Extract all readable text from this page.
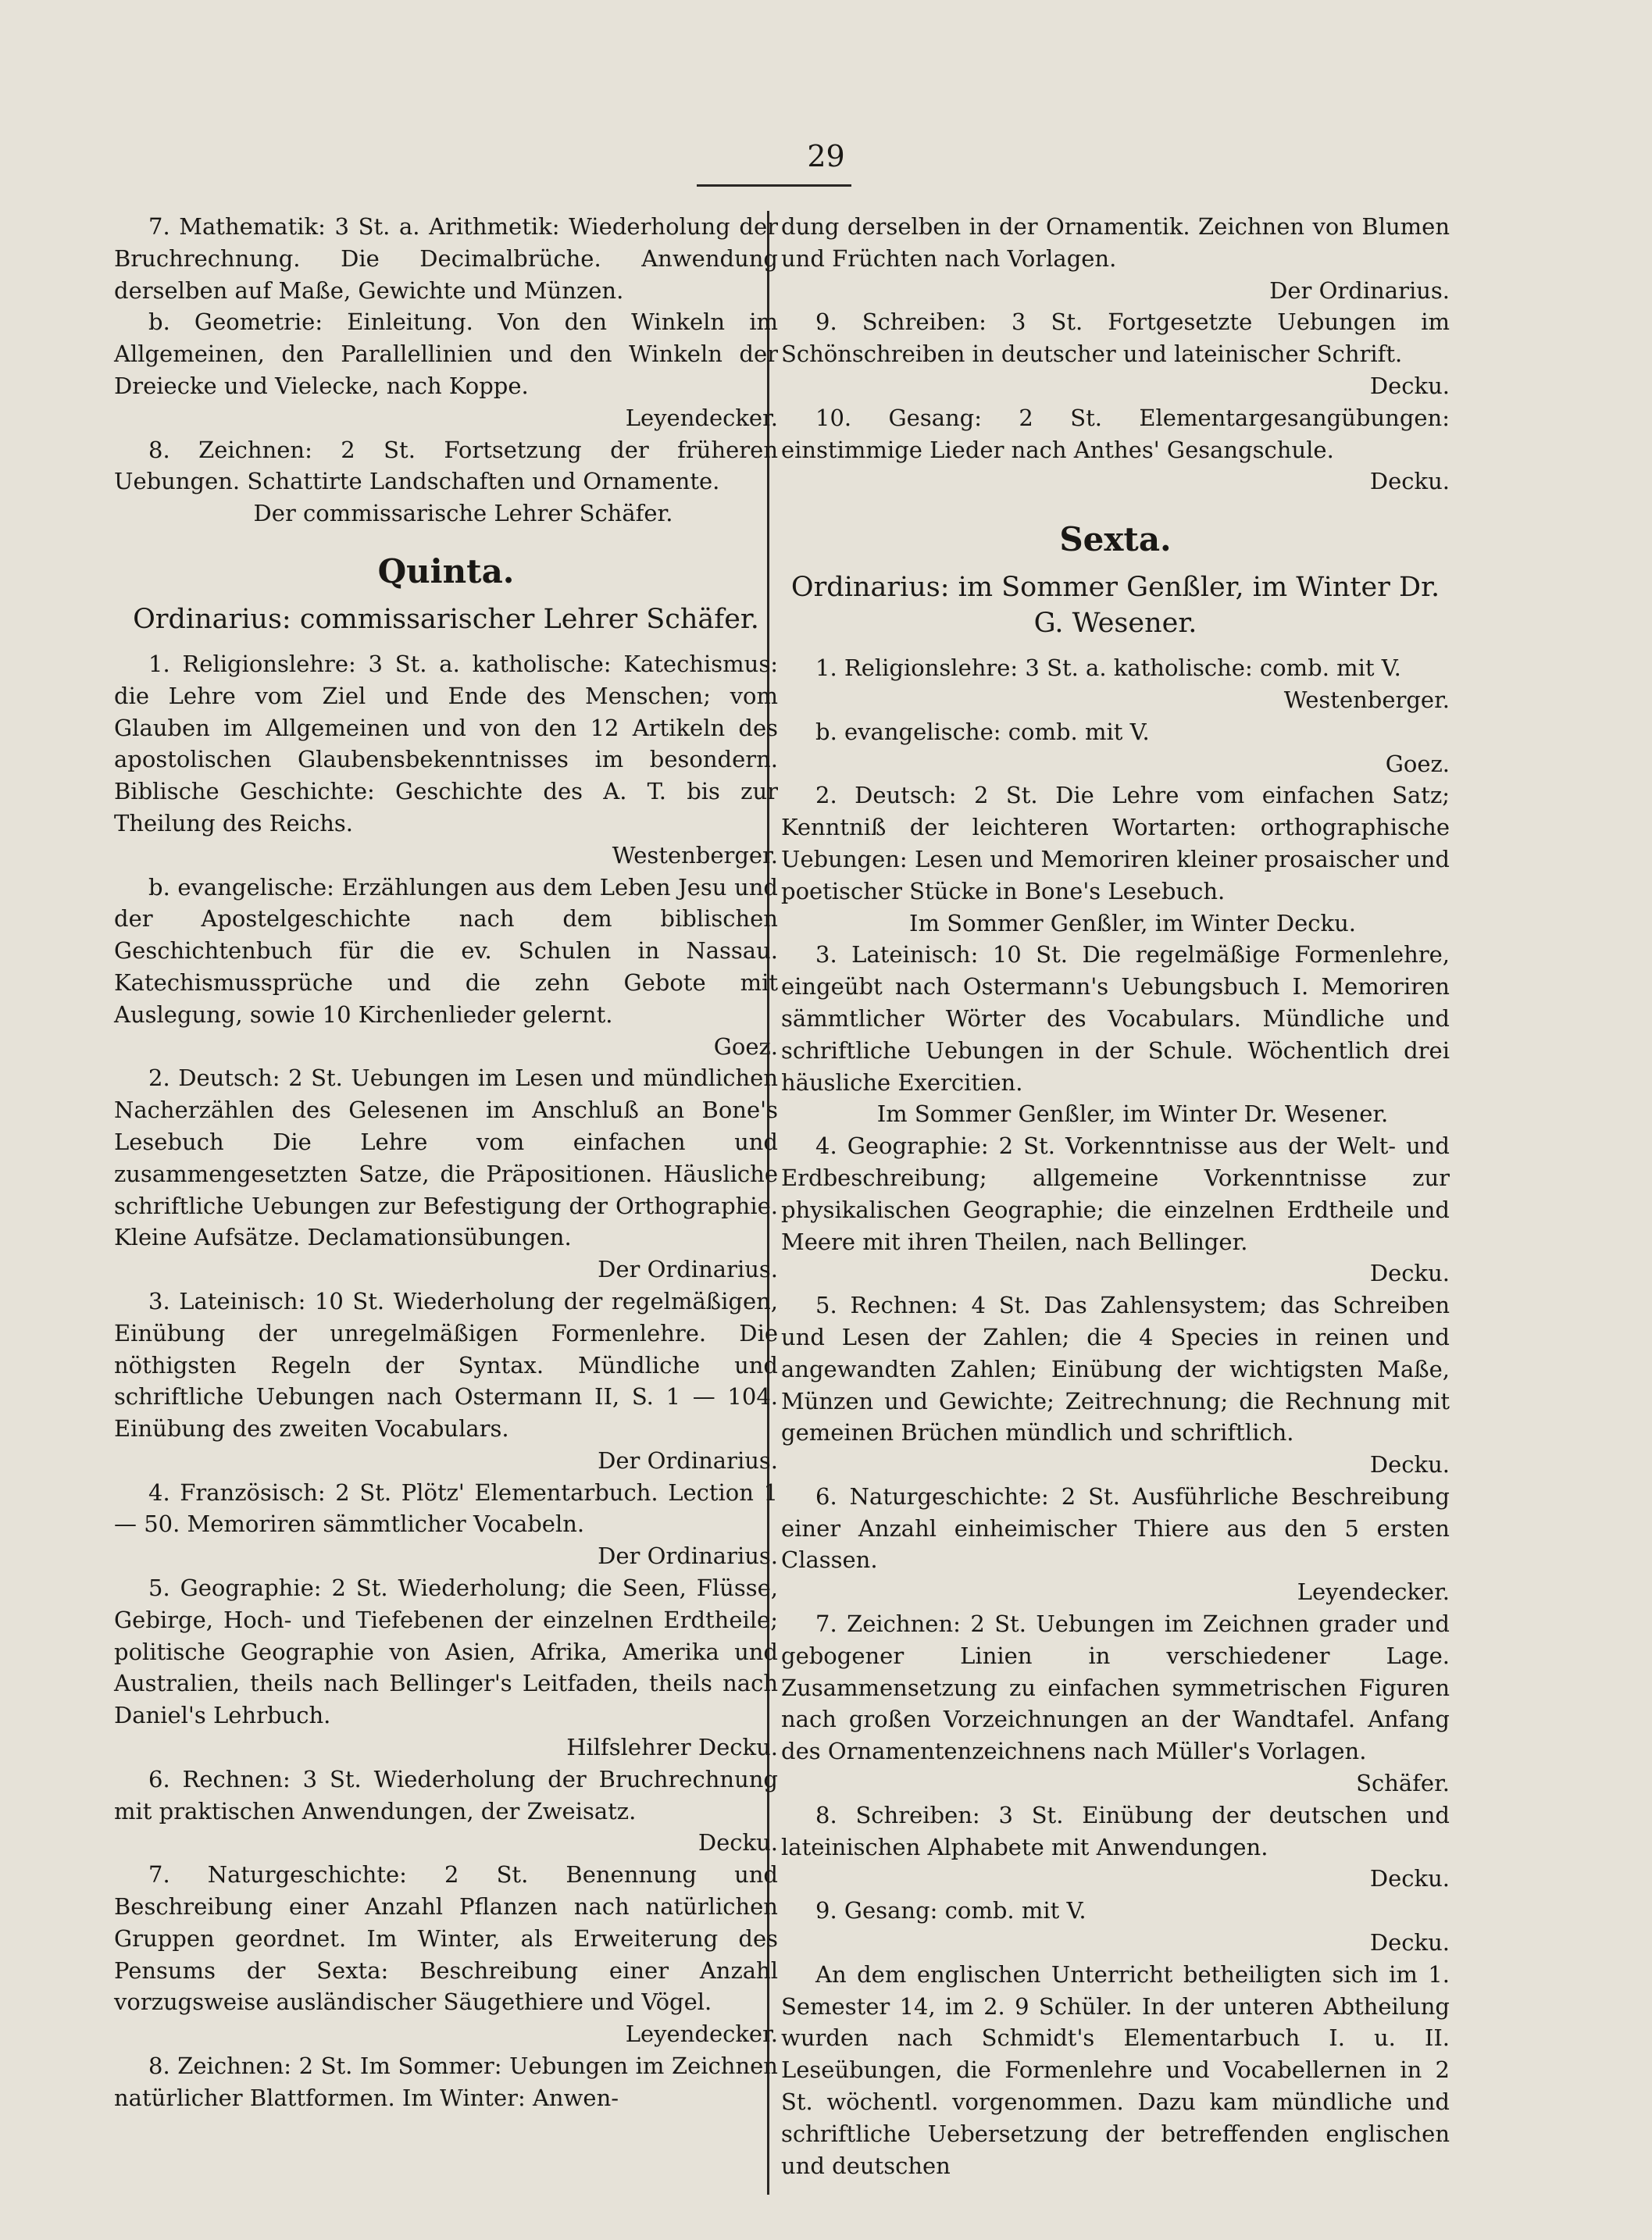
29

7. Mathematik: 3 St. a. Arithmetik: Wiederholung der Bruchrechnung. Die Decimalbrüche. Anwendung derselben auf Maße, Gewichte und Münzen.

b. Geometrie: Einleitung. Von den Winkeln im Allgemeinen, den Parallellinien und den Winkeln der Dreiecke und Vielecke, nach Koppe.

Leyendecker.

8. Zeichnen: 2 St. Fortsetzung der früheren Uebungen. Schattirte Landschaften und Ornamente.

Der commissarische Lehrer Schäfer.

Quinta.
Ordinarius: commissarischer Lehrer Schäfer.

1. Religionslehre: 3 St. a. katholische: Katechismus: die Lehre vom Ziel und Ende des Menschen; vom Glauben im Allgemeinen und von den 12 Artikeln des apostolischen Glaubensbekenntnisses im besondern. Biblische Geschichte: Geschichte des A. T. bis zur Theilung des Reichs.

Westenberger.

b. evangelische: Erzählungen aus dem Leben Jesu und der Apostelgeschichte nach dem biblischen Geschichtenbuch für die ev. Schulen in Nassau. Katechismussprüche und die zehn Gebote mit Auslegung, sowie 10 Kirchenlieder gelernt.

Goez.

2. Deutsch: 2 St. Uebungen im Lesen und mündlichen Nacherzählen des Gelesenen im Anschluß an Bone's Lesebuch Die Lehre vom einfachen und zusammengesetzten Satze, die Präpositionen. Häusliche schriftliche Uebungen zur Befestigung der Orthographie. Kleine Aufsätze. Declamationsübungen.

Der Ordinarius.

3. Lateinisch: 10 St. Wiederholung der regelmäßigen, Einübung der unregelmäßigen Formenlehre. Die nöthigsten Regeln der Syntax. Mündliche und schriftliche Uebungen nach Ostermann II, S. 1 — 104. Einübung des zweiten Vocabulars.

Der Ordinarius.

4. Französisch: 2 St. Plötz' Elementarbuch. Lection 1 — 50. Memoriren sämmtlicher Vocabeln.

Der Ordinarius.

5. Geographie: 2 St. Wiederholung; die Seen, Flüsse, Gebirge, Hoch- und Tiefebenen der einzelnen Erdtheile; politische Geographie von Asien, Afrika, Amerika und Australien, theils nach Bellinger's Leitfaden, theils nach Daniel's Lehrbuch.

Hilfslehrer Decku.

6. Rechnen: 3 St. Wiederholung der Bruchrechnung mit praktischen Anwendungen, der Zweisatz.

Decku.

7. Naturgeschichte: 2 St. Benennung und Beschreibung einer Anzahl Pflanzen nach natürlichen Gruppen geordnet. Im Winter, als Erweiterung des Pensums der Sexta: Beschreibung einer Anzahl vorzugsweise ausländischer Säugethiere und Vögel.

Leyendecker.

8. Zeichnen: 2 St. Im Sommer: Uebungen im Zeichnen natürlicher Blattformen. Im Winter: Anwen-

dung derselben in der Ornamentik. Zeichnen von Blumen und Früchten nach Vorlagen.

Der Ordinarius.

9. Schreiben: 3 St. Fortgesetzte Uebungen im Schönschreiben in deutscher und lateinischer Schrift.

Decku.

10. Gesang: 2 St. Elementargesangübungen: einstimmige Lieder nach Anthes' Gesangschule.

Decku.

Sexta.
Ordinarius: im Sommer Genßler, im Winter Dr. G. Wesener.

1. Religionslehre: 3 St. a. katholische: comb. mit V.

Westenberger.

b. evangelische: comb. mit V.

Goez.

2. Deutsch: 2 St. Die Lehre vom einfachen Satz; Kenntniß der leichteren Wortarten: orthographische Uebungen: Lesen und Memoriren kleiner prosaischer und poetischer Stücke in Bone's Lesebuch.

Im Sommer Genßler, im Winter Decku.

3. Lateinisch: 10 St. Die regelmäßige Formenlehre, eingeübt nach Ostermann's Uebungsbuch I. Memoriren sämmtlicher Wörter des Vocabulars. Mündliche und schriftliche Uebungen in der Schule. Wöchentlich drei häusliche Exercitien.

Im Sommer Genßler, im Winter Dr. Wesener.

4. Geographie: 2 St. Vorkenntnisse aus der Welt- und Erdbeschreibung; allgemeine Vorkenntnisse zur physikalischen Geographie; die einzelnen Erdtheile und Meere mit ihren Theilen, nach Bellinger.

Decku.

5. Rechnen: 4 St. Das Zahlensystem; das Schreiben und Lesen der Zahlen; die 4 Species in reinen und angewandten Zahlen; Einübung der wichtigsten Maße, Münzen und Gewichte; Zeitrechnung; die Rechnung mit gemeinen Brüchen mündlich und schriftlich.

Decku.

6. Naturgeschichte: 2 St. Ausführliche Beschreibung einer Anzahl einheimischer Thiere aus den 5 ersten Classen.

Leyendecker.

7. Zeichnen: 2 St. Uebungen im Zeichnen grader und gebogener Linien in verschiedener Lage. Zusammensetzung zu einfachen symmetrischen Figuren nach großen Vorzeichnungen an der Wandtafel. Anfang des Ornamentenzeichnens nach Müller's Vorlagen.

Schäfer.

8. Schreiben: 3 St. Einübung der deutschen und lateinischen Alphabete mit Anwendungen.

Decku.

9. Gesang: comb. mit V.

Decku.

An dem englischen Unterricht betheiligten sich im 1. Semester 14, im 2. 9 Schüler. In der unteren Abtheilung wurden nach Schmidt's Elementarbuch I. u. II. Leseübungen, die Formenlehre und Vocabellernen in 2 St. wöchentl. vorgenommen. Dazu kam mündliche und schriftliche Uebersetzung der betreffenden englischen und deutschen
